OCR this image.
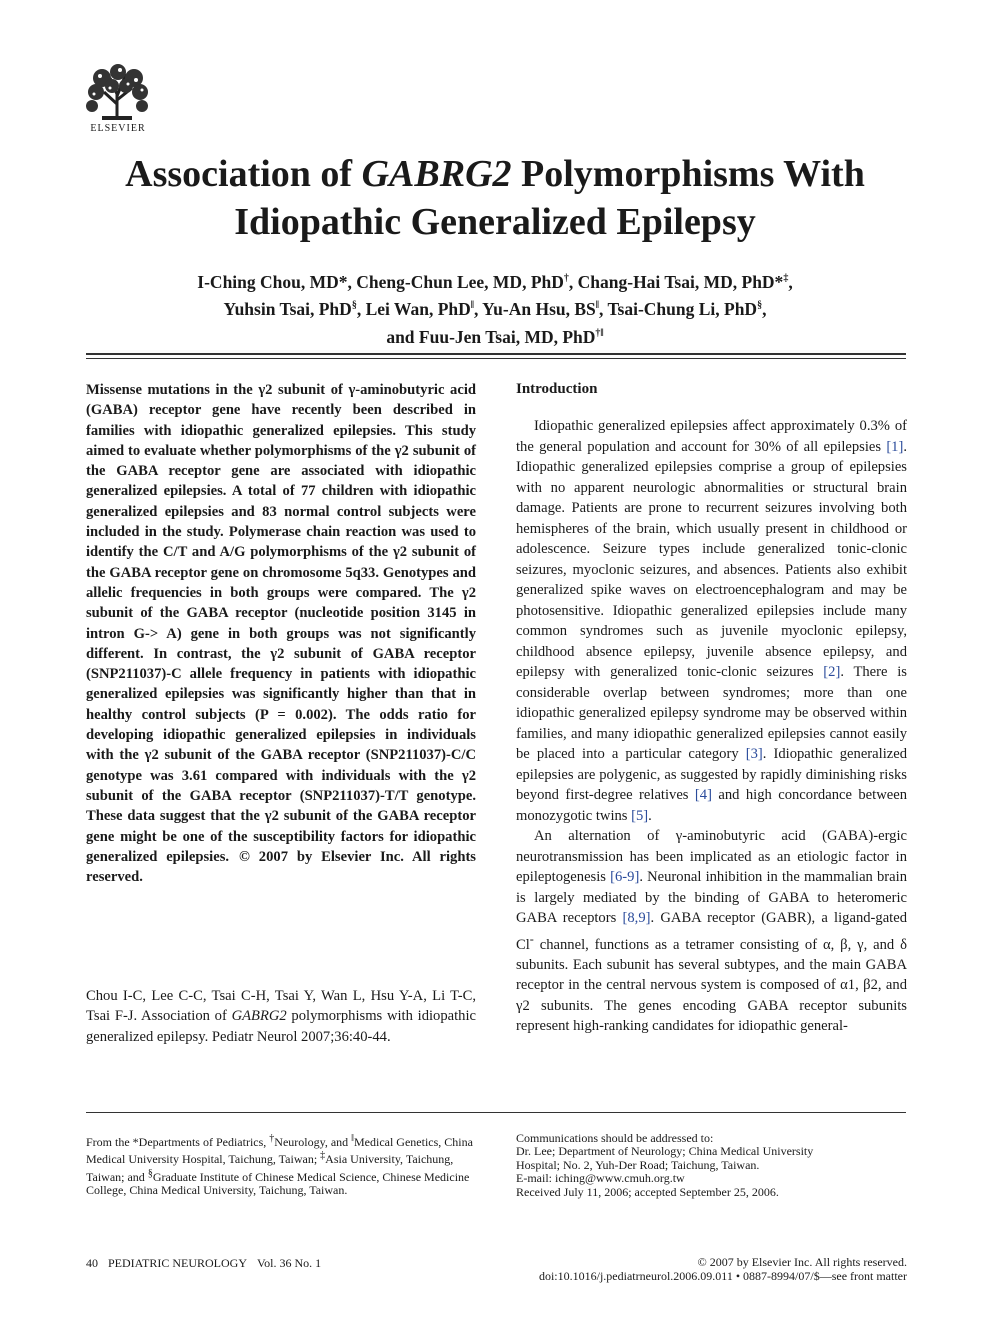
ELSEVIER
Association of GABRG2 Polymorphisms With
Idiopathic Generalized Epilepsy
I-Ching Chou, MD*, Cheng-Chun Lee, MD, PhD†, Chang-Hai Tsai, MD, PhD*‡,
Yuhsin Tsai, PhD§, Lei Wan, PhD‖, Yu-An Hsu, BS‖, Tsai-Chung Li, PhD§,
and Fuu-Jen Tsai, MD, PhD†‖
Missense mutations in the γ2 subunit of γ-aminobutyric acid (GABA) receptor gene have recently been described in families with idiopathic generalized epilepsies. This study aimed to evaluate whether polymorphisms of the γ2 subunit of the GABA receptor gene are associated with idiopathic generalized epilepsies. A total of 77 children with idiopathic generalized epilepsies and 83 normal control subjects were included in the study. Polymerase chain reaction was used to identify the C/T and A/G polymorphisms of the γ2 subunit of the GABA receptor gene on chromosome 5q33. Genotypes and allelic frequencies in both groups were compared. The γ2 subunit of the GABA receptor (nucleotide position 3145 in intron G-> A) gene in both groups was not significantly different. In contrast, the γ2 subunit of GABA receptor (SNP211037)-C allele frequency in patients with idiopathic generalized epilepsies was significantly higher than that in healthy control subjects (P = 0.002). The odds ratio for developing idiopathic generalized epilepsies in individuals with the γ2 subunit of the GABA receptor (SNP211037)-C/C genotype was 3.61 compared with individuals with the γ2 subunit of the GABA receptor (SNP211037)-T/T genotype. These data suggest that the γ2 subunit of the GABA receptor gene might be one of the susceptibility factors for idiopathic generalized epilepsies. © 2007 by Elsevier Inc. All rights reserved.
Chou I-C, Lee C-C, Tsai C-H, Tsai Y, Wan L, Hsu Y-A, Li T-C, Tsai F-J. Association of GABRG2 polymorphisms with idiopathic generalized epilepsy. Pediatr Neurol 2007;36:40-44.
Introduction

Idiopathic generalized epilepsies affect approximately 0.3% of the general population and account for 30% of all epilepsies [1]. Idiopathic generalized epilepsies comprise a group of epilepsies with no apparent neurologic abnormalities or structural brain damage. Patients are prone to recurrent seizures involving both hemispheres of the brain, which usually present in childhood or adolescence. Seizure types include generalized tonic-clonic seizures, myoclonic seizures, and absences. Patients also exhibit generalized spike waves on electroencephalogram and may be photosensitive. Idiopathic generalized epilepsies include many common syndromes such as juvenile myoclonic epilepsy, childhood absence epilepsy, juvenile absence epilepsy, and epilepsy with generalized tonic-clonic seizures [2]. There is considerable overlap between syndromes; more than one idiopathic generalized epilepsy syndrome may be observed within families, and many idiopathic generalized epilepsies cannot easily be placed into a particular category [3]. Idiopathic generalized epilepsies are polygenic, as suggested by rapidly diminishing risks beyond first-degree relatives [4] and high concordance between monozygotic twins [5].

An alternation of γ-aminobutyric acid (GABA)-ergic neurotransmission has been implicated as an etiologic factor in epileptogenesis [6-9]. Neuronal inhibition in the mammalian brain is largely mediated by the binding of GABA to heteromeric GABA receptors [8,9]. GABA receptor (GABR), a ligand-gated Cl- channel, functions as a tetramer consisting of α, β, γ, and δ subunits. Each subunit has several subtypes, and the main GABA receptor in the central nervous system is composed of α1, β2, and γ2 subunits. The genes encoding GABA receptor subunits represent high-ranking candidates for idiopathic general-

From the *Departments of Pediatrics, †Neurology, and ‖Medical Genetics, China Medical University Hospital, Taichung, Taiwan; ‡Asia University, Taichung, Taiwan; and §Graduate Institute of Chinese Medical Science, Chinese Medicine College, China Medical University, Taichung, Taiwan.
Communications should be addressed to:
Dr. Lee; Department of Neurology; China Medical University
Hospital; No. 2, Yuh-Der Road; Taichung, Taiwan.
E-mail: iching@www.cmuh.org.tw
Received July 11, 2006; accepted September 25, 2006.
40 PEDIATRIC NEUROLOGY Vol. 36 No. 1	© 2007 by Elsevier Inc. All rights reserved.
doi:10.1016/j.pediatrneurol.2006.09.011 • 0887-8994/07/$—see front matter
